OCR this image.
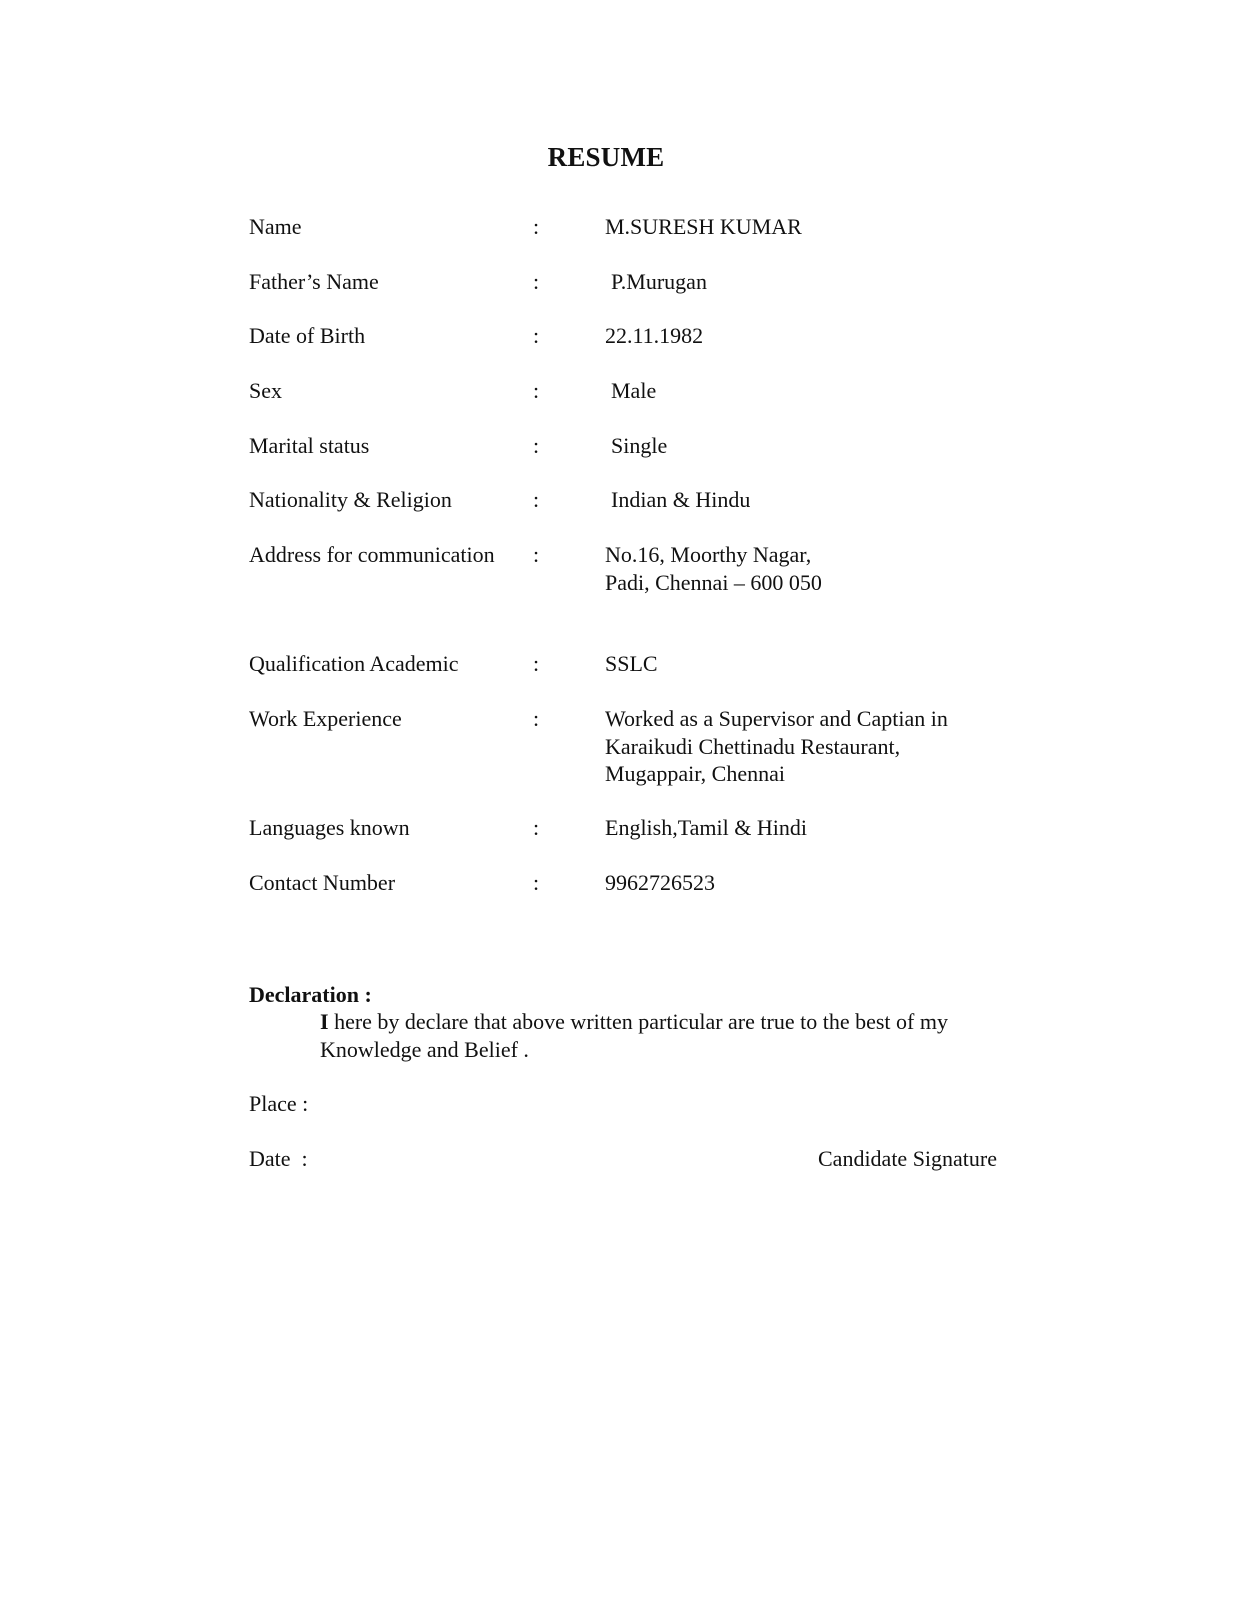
RESUME
Name	:	M.SURESH KUMAR
Father’s Name	:	P.Murugan
Date of Birth	:	22.11.1982
Sex	:	Male
Marital status	:	Single
Nationality & Religion	:	Indian & Hindu
Address for communication :	No.16, Moorthy Nagar,
Padi, Chennai – 600 050
Qualification Academic	:	SSLC
Work Experience	:	Worked as a Supervisor and Captian in
Karaikudi Chettinadu Restaurant,
Mugappair, Chennai
Languages known	:	English,Tamil & Hindi
Contact Number	:	9962726523
Declaration :
I here by declare that above written particular are true to the best of my
Knowledge and Belief .
Place :
Date  :	Candidate Signature
